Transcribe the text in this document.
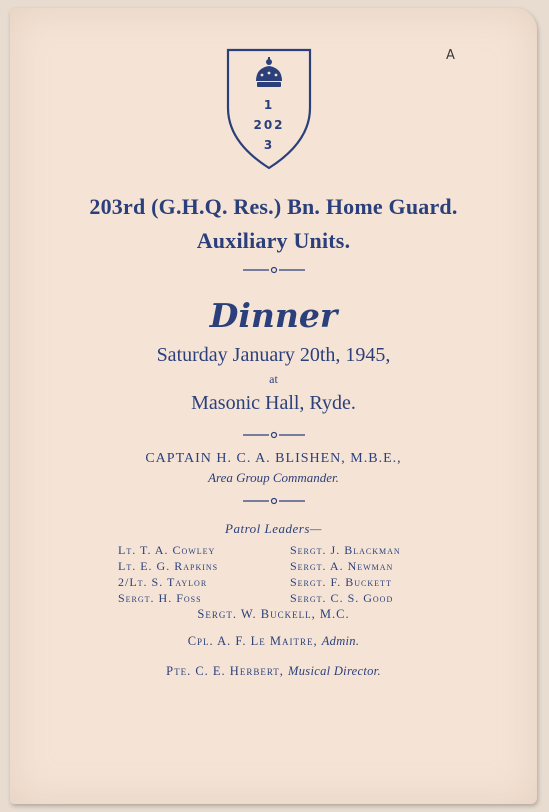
A
1
202
3
203rd (G.H.Q. Res.) Bn. Home Guard.
Auxiliary Units.
Dinner
Saturday January 20th, 1945,
at
Masonic Hall, Ryde.
CAPTAIN H. C. A. BLISHEN, M.B.E.,
Area Group Commander.
Patrol Leaders—
Lt. T. A. Cowley
Lt. E. G. Rapkins
2/Lt. S. Taylor
Sergt. H. Foss
Sergt. J. Blackman
Sergt. A. Newman
Sergt. F. Buckett
Sergt. C. S. Good
Sergt. W. Buckell, M.C.
Cpl. A. F. Le Maitre, Admin.
Pte. C. E. Herbert, Musical Director.
